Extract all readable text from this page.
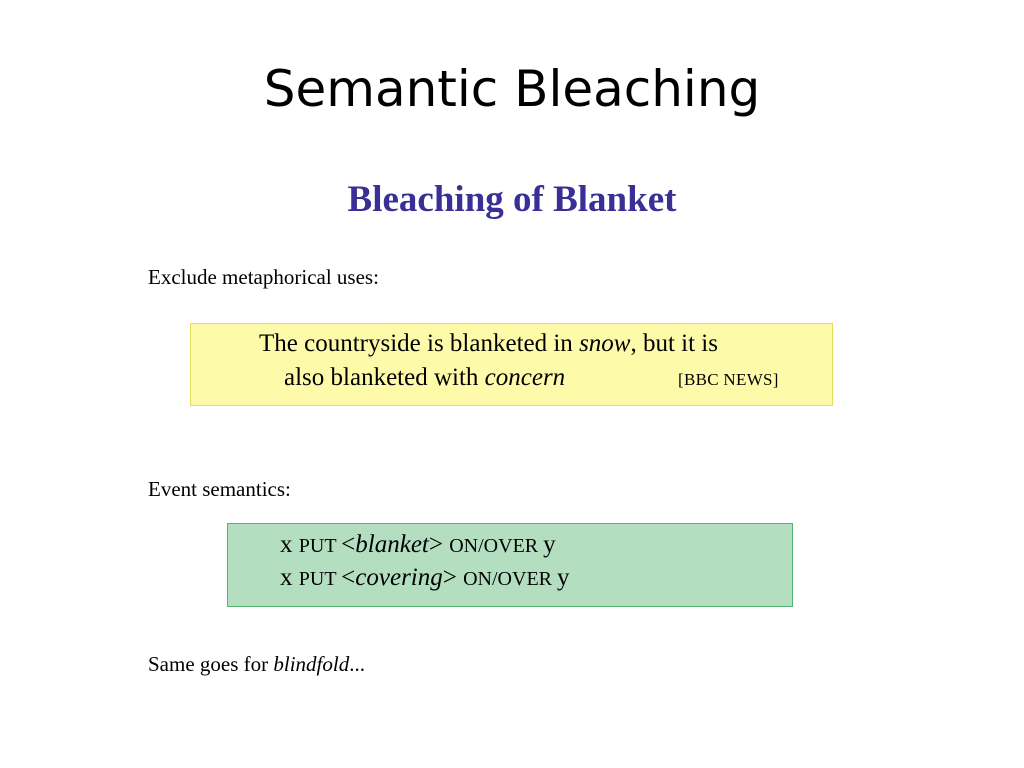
Semantic Bleaching
Bleaching of Blanket
Exclude metaphorical uses:
The countryside is blanketed in snow, but it is
also blanketed with concern	[BBC NEWS]
Event semantics:
x PUT <blanket> ON/OVER y
x PUT <covering> ON/OVER y
Same goes for blindfold...
